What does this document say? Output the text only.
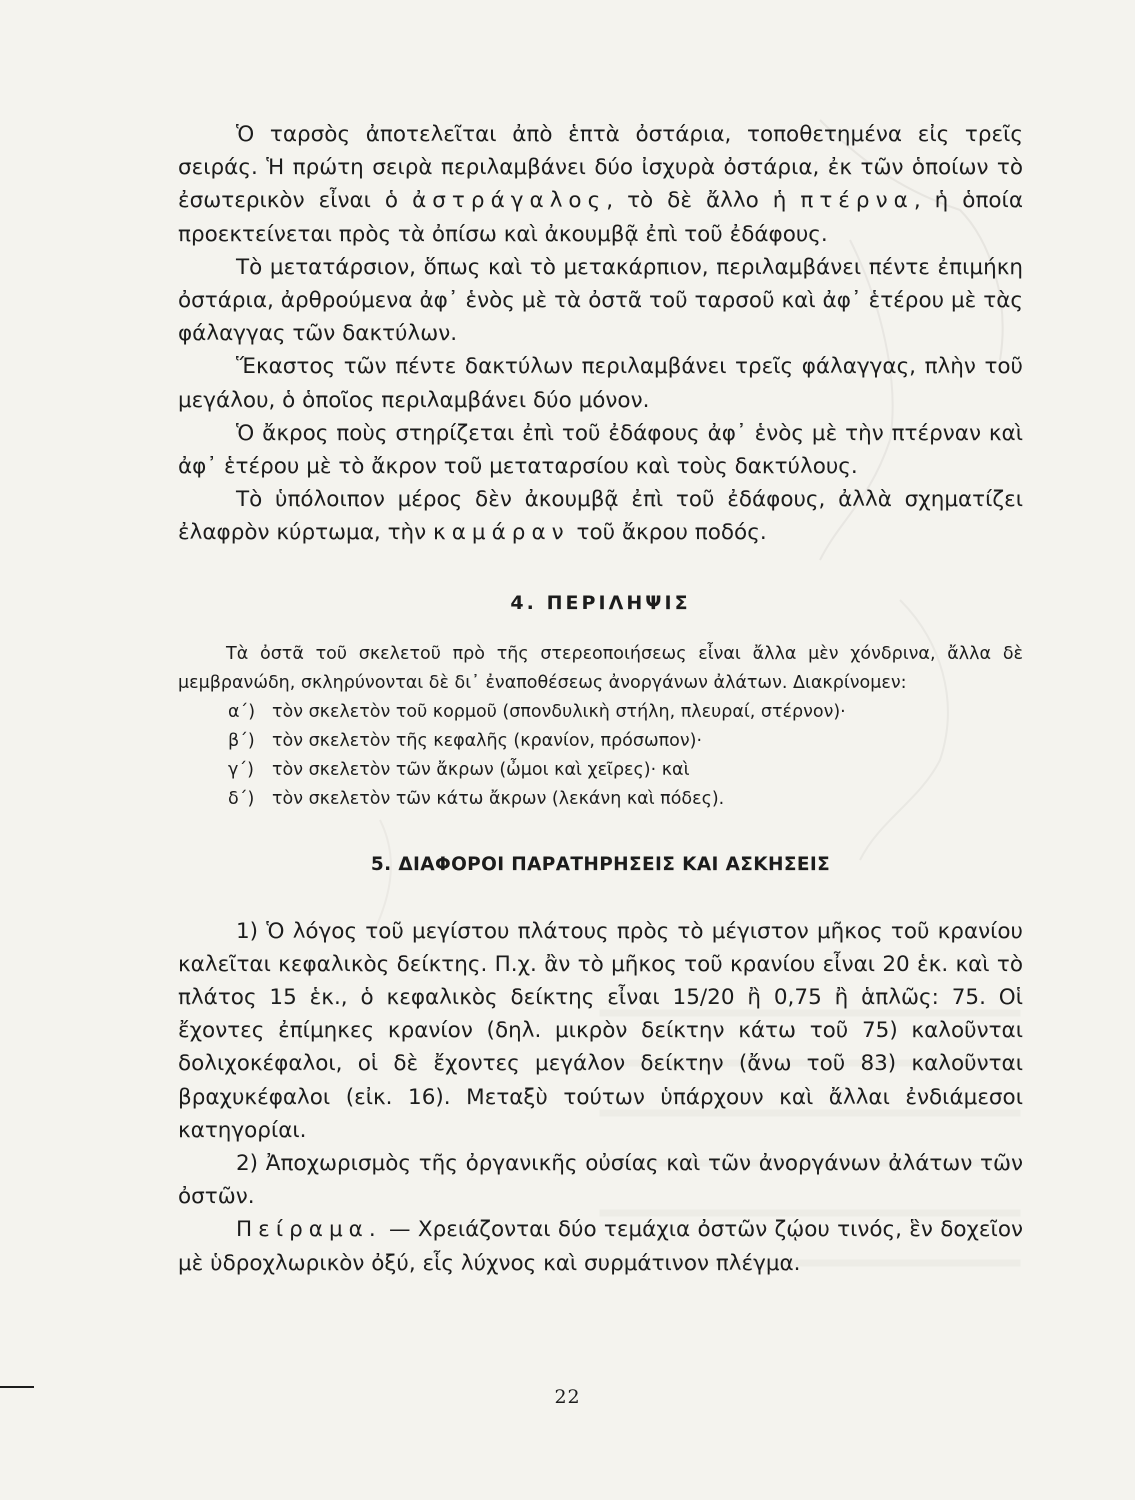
Ὁ ταρσὸς ἀποτελεῖται ἀπὸ ἑπτὰ ὀστάρια, τοποθετημένα εἰς τρεῖς σειράς. Ἡ πρώτη σειρὰ περιλαμβάνει δύο ἰσχυρὰ ὀστάρια, ἐκ τῶν ὁποίων τὸ ἐσωτερικὸν εἶναι ὁ ἀστράγαλος, τὸ δὲ ἄλλο ἡ πτέρνα, ἡ ὁποία προεκτείνεται πρὸς τὰ ὀπίσω καὶ ἀκουμβᾷ ἐπὶ τοῦ ἐδάφους.

Τὸ μετατάρσιον, ὅπως καὶ τὸ μετακάρπιον, περιλαμβάνει πέντε ἐπιμήκη ὀστάρια, ἀρθρούμενα ἀφ᾽ ἑνὸς μὲ τὰ ὀστᾶ τοῦ ταρσοῦ καὶ ἀφ᾽ ἑτέρου μὲ τὰς φάλαγγας τῶν δακτύλων.

Ἕκαστος τῶν πέντε δακτύλων περιλαμβάνει τρεῖς φάλαγγας, πλὴν τοῦ μεγάλου, ὁ ὁποῖος περιλαμβάνει δύο μόνον.

Ὁ ἄκρος ποὺς στηρίζεται ἐπὶ τοῦ ἐδάφους ἀφ᾽ ἑνὸς μὲ τὴν πτέρναν καὶ ἀφ᾽ ἑτέρου μὲ τὸ ἄκρον τοῦ μεταταρσίου καὶ τοὺς δακτύλους.

Τὸ ὑπόλοιπον μέρος δὲν ἀκουμβᾷ ἐπὶ τοῦ ἐδάφους, ἀλλὰ σχηματίζει ἐλαφρὸν κύρτωμα, τὴν καμάραν τοῦ ἄκρου ποδός.

4. ΠΕΡΙΛΗΨΙΣ

Τὰ ὀστᾶ τοῦ σκελετοῦ πρὸ τῆς στερεοποιήσεως εἶναι ἄλλα μὲν χόνδρινα, ἄλλα δὲ μεμβρανώδη, σκληρύνονται δὲ δι᾽ ἐναποθέσεως ἀνοργάνων ἀλάτων. Διακρίνομεν:

α΄) τὸν σκελετὸν τοῦ κορμοῦ (σπονδυλικὴ στήλη, πλευραί, στέρνον)·
β΄) τὸν σκελετὸν τῆς κεφαλῆς (κρανίον, πρόσωπον)·
γ΄) τὸν σκελετὸν τῶν ἄκρων (ὦμοι καὶ χεῖρες)· καὶ
δ΄) τὸν σκελετὸν τῶν κάτω ἄκρων (λεκάνη καὶ πόδες).
5. ΔΙΑΦΟΡΟΙ ΠΑΡΑΤΗΡΗΣΕΙΣ ΚΑΙ ΑΣΚΗΣΕΙΣ

1) Ὁ λόγος τοῦ μεγίστου πλάτους πρὸς τὸ μέγιστον μῆκος τοῦ κρανίου καλεῖται κεφαλικὸς δείκτης. Π.χ. ἂν τὸ μῆκος τοῦ κρανίου εἶναι 20 ἑκ. καὶ τὸ πλάτος 15 ἑκ., ὁ κεφαλικὸς δείκτης εἶναι 15/20 ἢ 0,75 ἢ ἁπλῶς: 75. Οἱ ἔχοντες ἐπίμηκες κρανίον (δηλ. μικρὸν δείκτην κάτω τοῦ 75) καλοῦνται δολιχοκέφαλοι, οἱ δὲ ἔχοντες μεγάλον δείκτην (ἄνω τοῦ 83) καλοῦνται βραχυκέφαλοι (εἰκ. 16). Μεταξὺ τούτων ὑπάρχουν καὶ ἄλλαι ἐνδιάμεσοι κατηγορίαι.

2) Ἀποχωρισμὸς τῆς ὀργανικῆς οὐσίας καὶ τῶν ἀνοργάνων ἀλάτων τῶν ὀστῶν.

Πείραμα. — Χρειάζονται δύο τεμάχια ὀστῶν ζῴου τινός, ἓν δοχεῖον μὲ ὑδροχλωρικὸν ὀξύ, εἷς λύχνος καὶ συρμάτινον πλέγμα.

22
